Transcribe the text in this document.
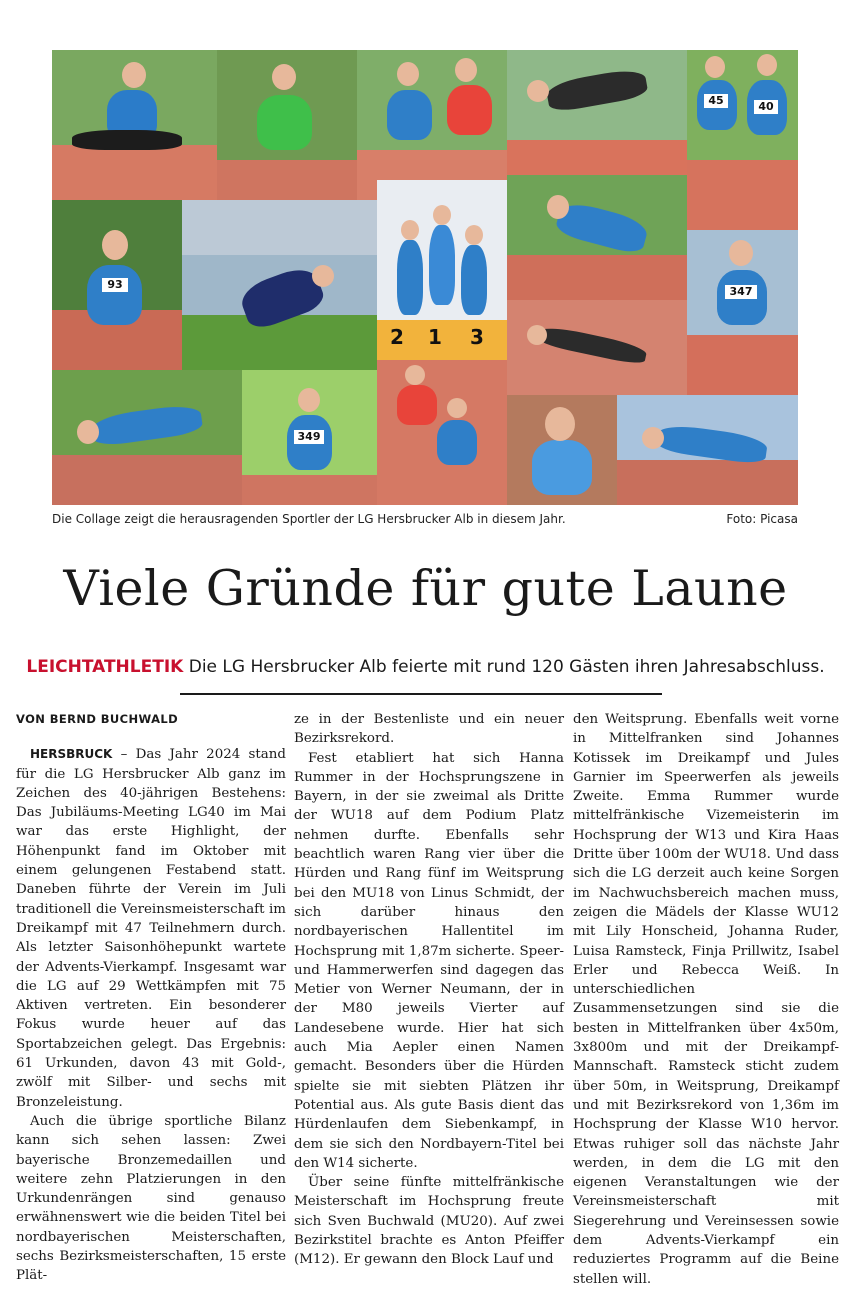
45	40
93
2 1 3
347
349
Die Collage zeigt die herausragenden Sportler der LG Hersbrucker Alb in diesem Jahr.	Foto: Picasa
Viele Gründe für gute Laune
LEICHTATHLETIK Die LG Hersbrucker Alb feierte mit rund 120 Gästen ihren Jahresabschluss.

VON BERND BUCHWALD

HERSBRUCK – Das Jahr 2024 stand für die LG Hersbrucker Alb ganz im Zeichen des 40-jährigen Bestehens: Das Jubiläums-Meeting LG40 im Mai war das erste Highlight, der Höhenpunkt fand im Oktober mit einem gelungenen Festabend statt. Daneben führte der Verein im Juli traditionell die Vereinsmeisterschaft im Dreikampf mit 47 Teilnehmern durch. Als letzter Saisonhöhepunkt wartete der Advents-Vierkampf. Insgesamt war die LG auf 29 Wettkämpfen mit 75 Aktiven vertreten. Ein besonderer Fokus wurde heuer auf das Sportabzeichen gelegt. Das Ergebnis: 61 Urkunden, davon 43 mit Gold-, zwölf mit Silber- und sechs mit Bronzeleistung.

Auch die übrige sportliche Bilanz kann sich sehen lassen: Zwei bayerische Bronzemedaillen und weitere zehn Platzierungen in den Urkundenrängen sind genauso erwähnenswert wie die beiden Titel bei nordbayerischen Meisterschaften, sechs Bezirksmeisterschaften, 15 erste Plät-

ze in der Bestenliste und ein neuer Bezirksrekord.

Fest etabliert hat sich Hanna Rummer in der Hochsprungszene in Bayern, in der sie zweimal als Dritte der WU18 auf dem Podium Platz nehmen durfte. Ebenfalls sehr beachtlich waren Rang vier über die Hürden und Rang fünf im Weitsprung bei den MU18 von Linus Schmidt, der sich darüber hinaus den nordbayerischen Hallentitel im Hochsprung mit 1,87m sicherte. Speer- und Hammerwerfen sind dagegen das Metier von Werner Neumann, der in der M80 jeweils Vierter auf Landesebene wurde. Hier hat sich auch Mia Aepler einen Namen gemacht. Besonders über die Hürden spielte sie mit siebten Plätzen ihr Potential aus. Als gute Basis dient das Hürdenlaufen dem Siebenkampf, in dem sie sich den Nordbayern-Titel bei den W14 sicherte.

Über seine fünfte mittelfränkische Meisterschaft im Hochsprung freute sich Sven Buchwald (MU20). Auf zwei Bezirkstitel brachte es Anton Pfeiffer (M12). Er gewann den Block Lauf und

den Weitsprung. Ebenfalls weit vorne in Mittelfranken sind Johannes Kotissek im Dreikampf und Jules Garnier im Speerwerfen als jeweils Zweite. Emma Rummer wurde mittelfränkische Vizemeisterin im Hochsprung der W13 und Kira Haas Dritte über 100m der WU18. Und dass sich die LG derzeit auch keine Sorgen im Nachwuchsbereich machen muss, zeigen die Mädels der Klasse WU12 mit Lily Honscheid, Johanna Ruder, Luisa Ramsteck, Finja Prillwitz, Isabel Erler und Rebecca Weiß. In unterschiedlichen Zusammensetzungen sind sie die besten in Mittelfranken über 4x50m, 3x800m und mit der Dreikampf-Mannschaft. Ramsteck sticht zudem über 50m, in Weitsprung, Dreikampf und mit Bezirksrekord von 1,36m im Hochsprung der Klasse W10 hervor. Etwas ruhiger soll das nächste Jahr werden, in dem die LG mit den eigenen Veranstaltungen wie der Vereinsmeisterschaft mit Siegerehrung und Vereinsessen sowie dem Advents-Vierkampf ein reduziertes Programm auf die Beine stellen will.
